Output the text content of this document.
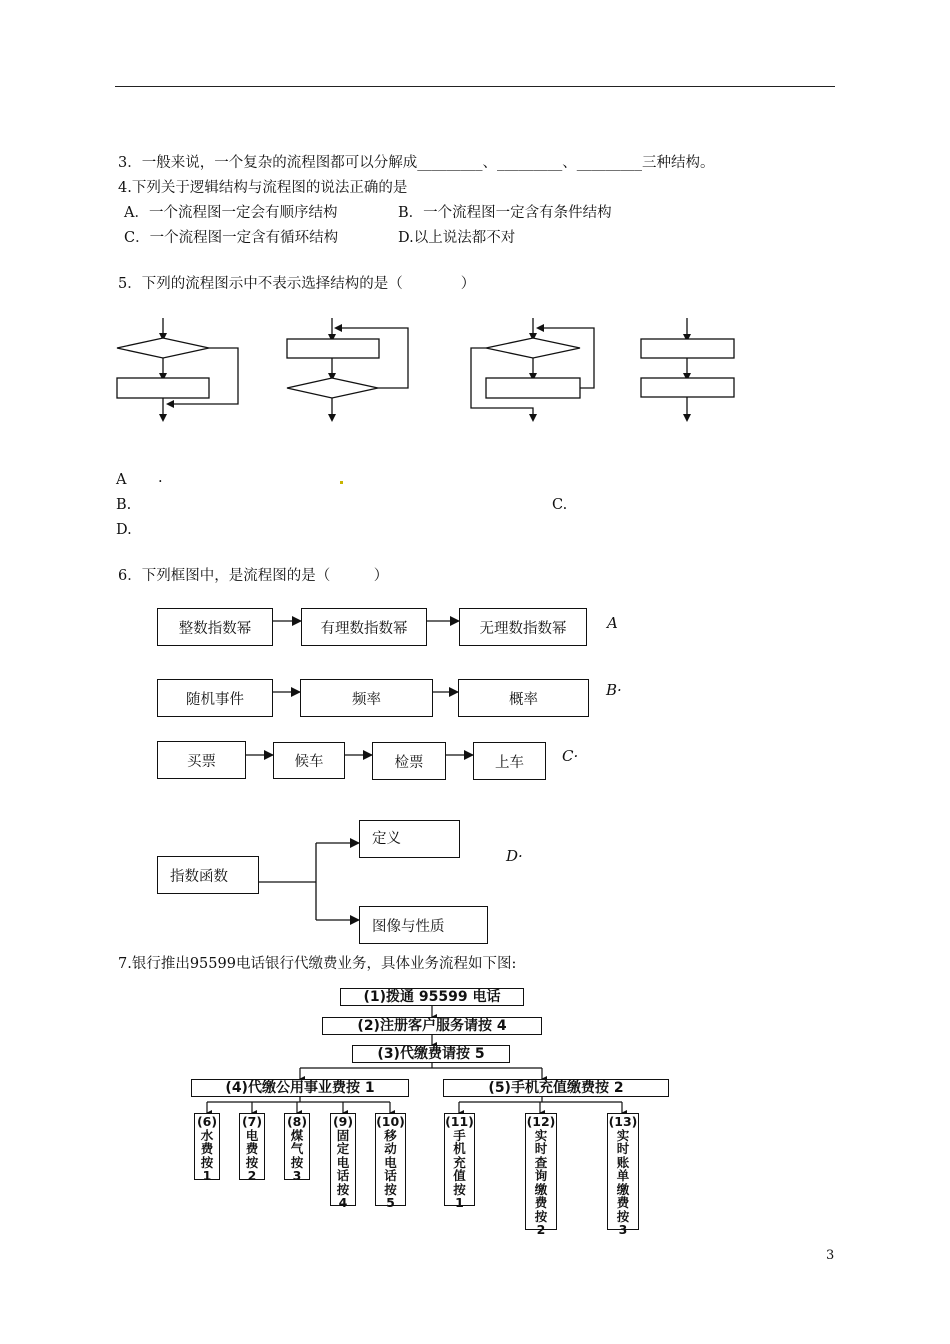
3．一般来说，一个复杂的流程图都可以分解成_________、_________、_________三种结构。
4.下列关于逻辑结构与流程图的说法正确的是
A．一个流程图一定会有顺序结构	B．一个流程图一定含有条件结构
C．一个流程图一定含有循环结构	D.以上说法都不对
5．下列的流程图示中不表示选择结构的是（　　　　）
A .
B.	C.
D.
6．下列框图中，是流程图的是（　　　）
整数指数幂	有理数指数幂	无理数指数幂	A
随机事件	频率	概率
B·
买票	候车	检票	上车	C·
指数函数
定义
图像与性质
D·
7.银行推出95599电话银行代缴费业务，具体业务流程如下图:
(1)拨通 95599 电话
(2)注册客户服务请按 4
(3)代缴费请按 5
(4)代缴公用事业费按 1	(5)手机充值缴费按 2
(6)
水
费
按
1
(7)
电
费
按
2
(8)
煤
气
按
3
(9)
固
定
电
话
按
4
(10)
移
动
电
话
按
5
(11)
手
机
充
值
按
1
(12)
实
时
查
询
缴
费
按
2
(13)
实
时
账
单
缴
费
按
3
3
